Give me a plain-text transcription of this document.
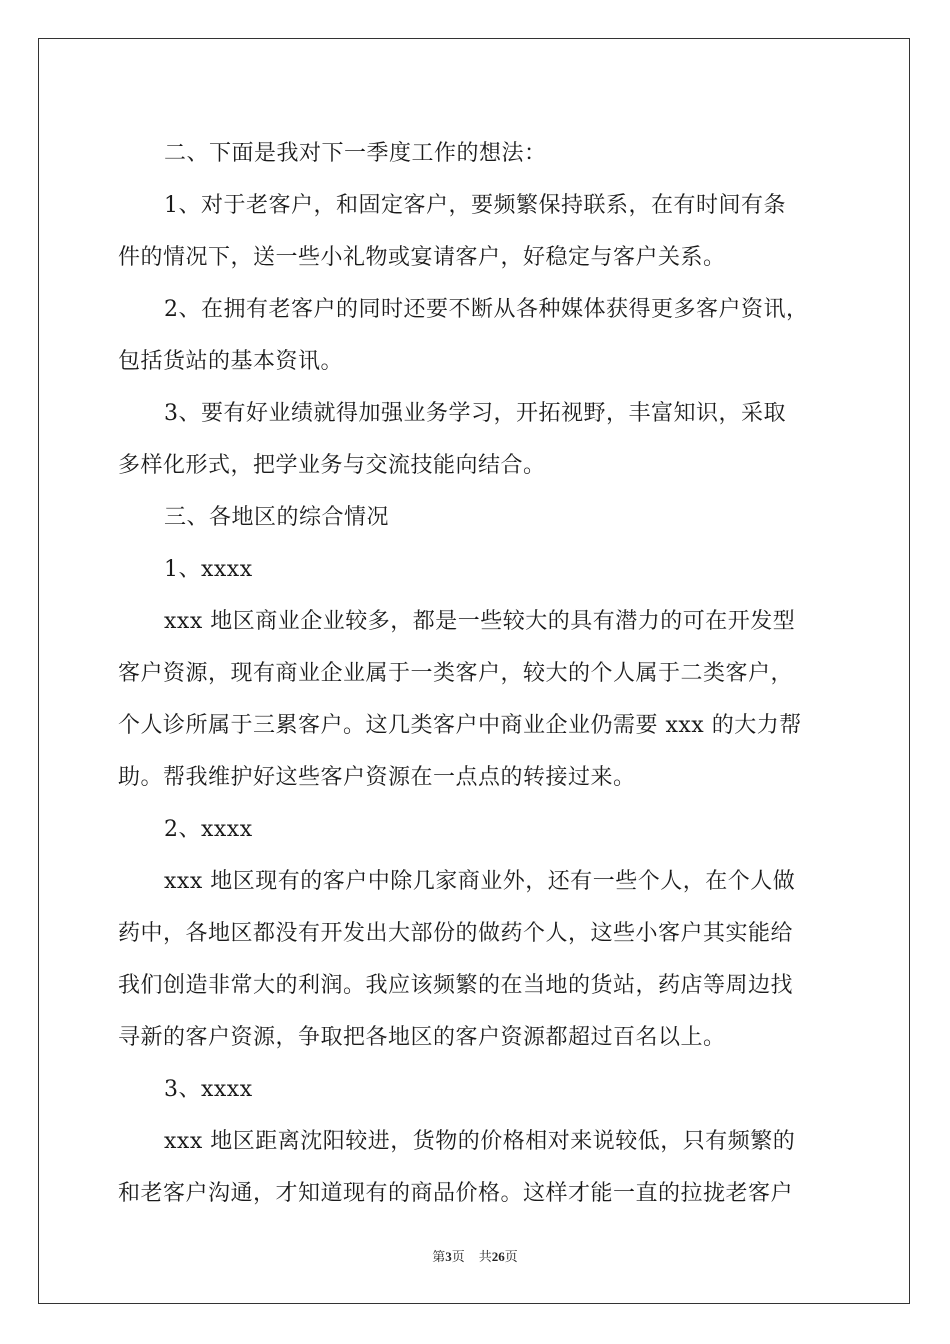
二、下面是我对下一季度工作的想法：
1、对于老客户，和固定客户，要频繁保持联系，在有时间有条
件的情况下，送一些小礼物或宴请客户，好稳定与客户关系。
2、在拥有老客户的同时还要不断从各种媒体获得更多客户资讯，
包括货站的基本资讯。
3、要有好业绩就得加强业务学习，开拓视野，丰富知识，采取
多样化形式，把学业务与交流技能向结合。
三、各地区的综合情况
1、xxxx
xxx 地区商业企业较多，都是一些较大的具有潜力的可在开发型
客户资源，现有商业企业属于一类客户，较大的个人属于二类客户，
个人诊所属于三累客户。这几类客户中商业企业仍需要 xxx 的大力帮
助。帮我维护好这些客户资源在一点点的转接过来。
2、xxxx
xxx 地区现有的客户中除几家商业外，还有一些个人，在个人做
药中，各地区都没有开发出大部份的做药个人，这些小客户其实能给
我们创造非常大的利润。我应该频繁的在当地的货站，药店等周边找
寻新的客户资源，争取把各地区的客户资源都超过百名以上。
3、xxxx
xxx 地区距离沈阳较进，货物的价格相对来说较低，只有频繁的
和老客户沟通，才知道现有的商品价格。这样才能一直的拉拢老客户
第3页 共26页
